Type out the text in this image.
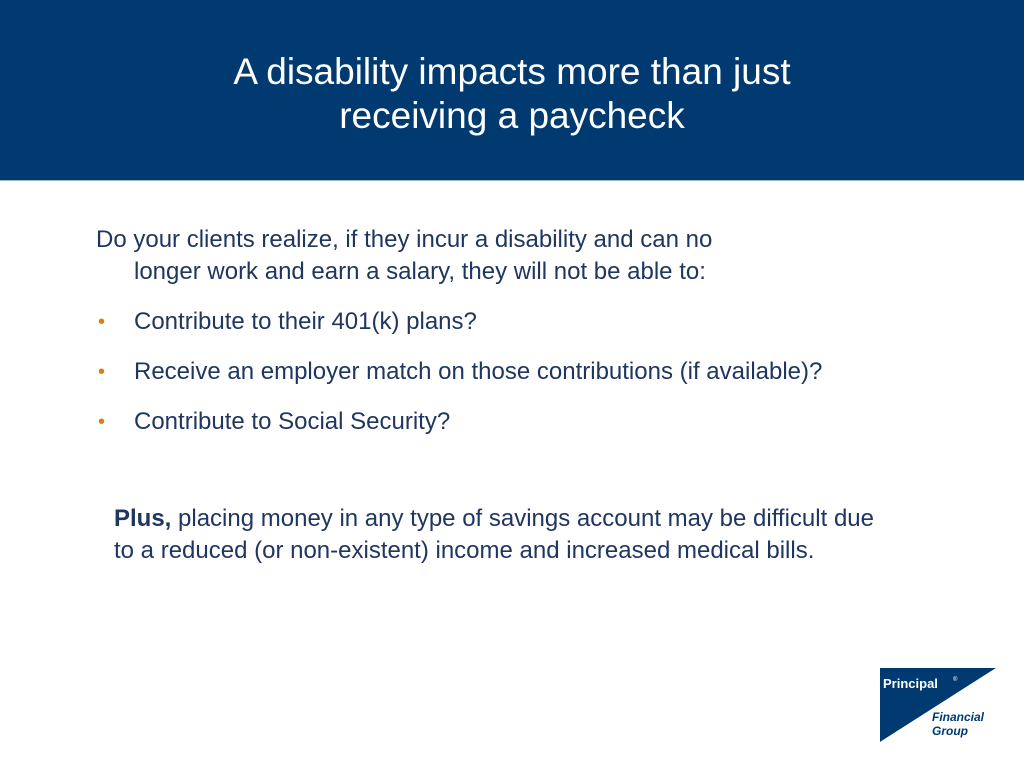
A disability impacts more than just
receiving a paycheck
Do your clients realize, if they incur a disability and can no
longer work and earn a salary, they will not be able to:
• Contribute to their 401(k) plans?
• Receive an employer match on those contributions (if available)?
• Contribute to Social Security?
Plus, placing money in any type of savings account may be difficult due to a reduced (or non-existent) income and increased medical bills.
Principal	®
Financial
Group
